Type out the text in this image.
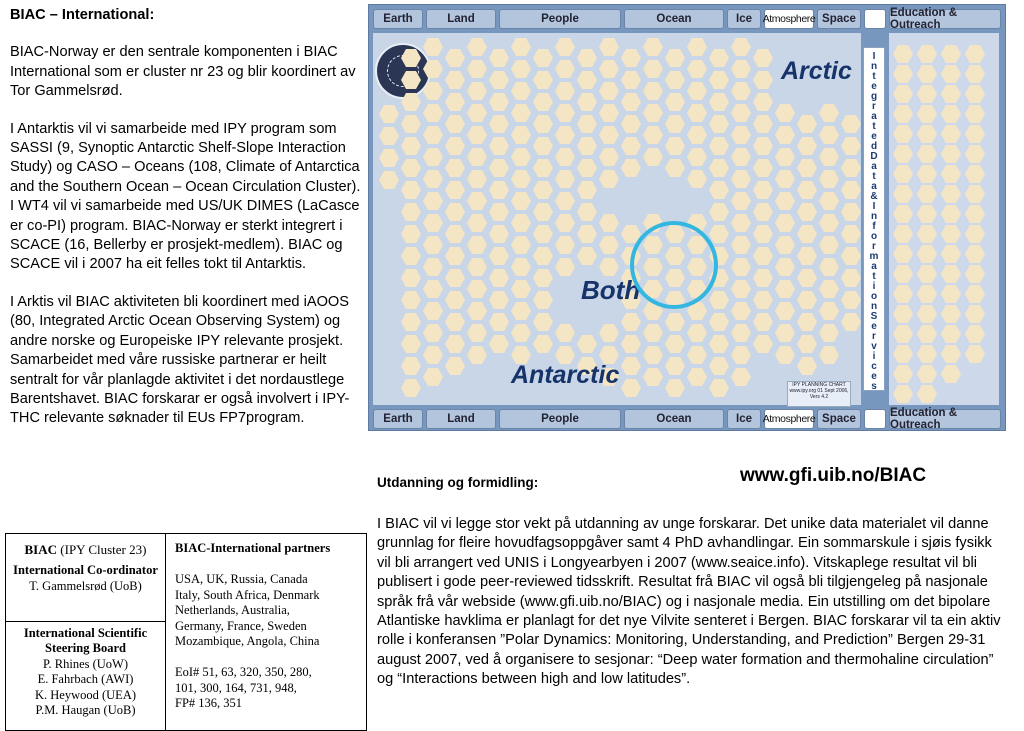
BIAC – International:

BIAC-Norway er den sentrale komponenten i BIAC International som er cluster nr 23 og blir koordinert av Tor Gammelsrød.

I Antarktis vil vi samarbeide med IPY program som SASSI (9, Synoptic Antarctic Shelf-Slope Interaction Study) og CASO – Oceans (108, Climate of Antarctica and the Southern Ocean – Ocean Circulation Cluster). I WT4 vil vi samarbeide med US/UK DIMES (LaCasce er co-PI) program. BIAC-Norway er sterkt integrert i SCACE (16, Bellerby er prosjekt-medlem). BIAC og SCACE vil i 2007 ha eit felles tokt til Antarktis.

I Arktis vil BIAC aktiviteten bli koordinert med iAOOS (80, Integrated Arctic Ocean Observing System) og andre norske og Europeiske IPY relevante prosjekt. Samarbeidet med våre russiske partnerar er heilt sentralt for vår planlagde aktivitet i det nordaustlege Barentshavet. BIAC forskarar er også involvert i IPY-THC relevante søknader til EUs FP7program.

Earth	Land	People	Ocean	Ice	Atmosphere Space	Education & Outreach
Arctic
Both
Antarctic
I
n
t
e
g
r
a
t
e
d
D
a
t
a
&
I
n
f
o
r
m
a
t
i
o
n
S
e
r
v
i
c
e
s
IPY PLANNING CHART www.ipy.org 01 Sept 2006, Vers 4.2
Earth	Land	People	Ocean	Ice	Atmosphere Space	Education & Outreach
Utdanning og formidling:	www.gfi.uib.no/BIAC

I BIAC vil vi legge stor vekt på utdanning av unge forskarar. Det unike data materialet vil danne grunnlag for fleire hovudfagsoppgåver samt 4 PhD avhandlingar. Ein sommarskule i sjøis fysikk vil bli arrangert ved UNIS i Longyearbyen i 2007 (www.seaice.info). Vitskaplege resultat vil bli publisert i gode peer-reviewed tidsskrift. Resultat frå BIAC vil også bli tilgjengeleg på nasjonale språk frå vår webside (www.gfi.uib.no/BIAC) og i nasjonale media. Ein utstilling om det bipolare Atlantiske havklima er planlagt for det nye Vilvite senteret i Bergen. BIAC forskarar vil ta ein aktiv rolle i konferansen ”Polar Dynamics: Monitoring, Understanding, and Prediction” Bergen 29-31 august 2007, ved å organisere to sesjonar: “Deep water formation and thermohaline circulation” og “Interactions between high and low latitudes”.

BIAC (IPY Cluster 23)
International Co-ordinator
T. Gammelsrød (UoB)
International Scientific Steering Board
P. Rhines (UoW)
E. Fahrbach (AWI)
K. Heywood (UEA)
P.M. Haugan (UoB)
BIAC-International partners
USA, UK, Russia, Canada
Italy, South Africa, Denmark
Netherlands, Australia,
Germany, France, Sweden
Mozambique, Angola, China
EoI# 51, 63, 320, 350, 280,
101, 300, 164, 731, 948,
FP# 136, 351
